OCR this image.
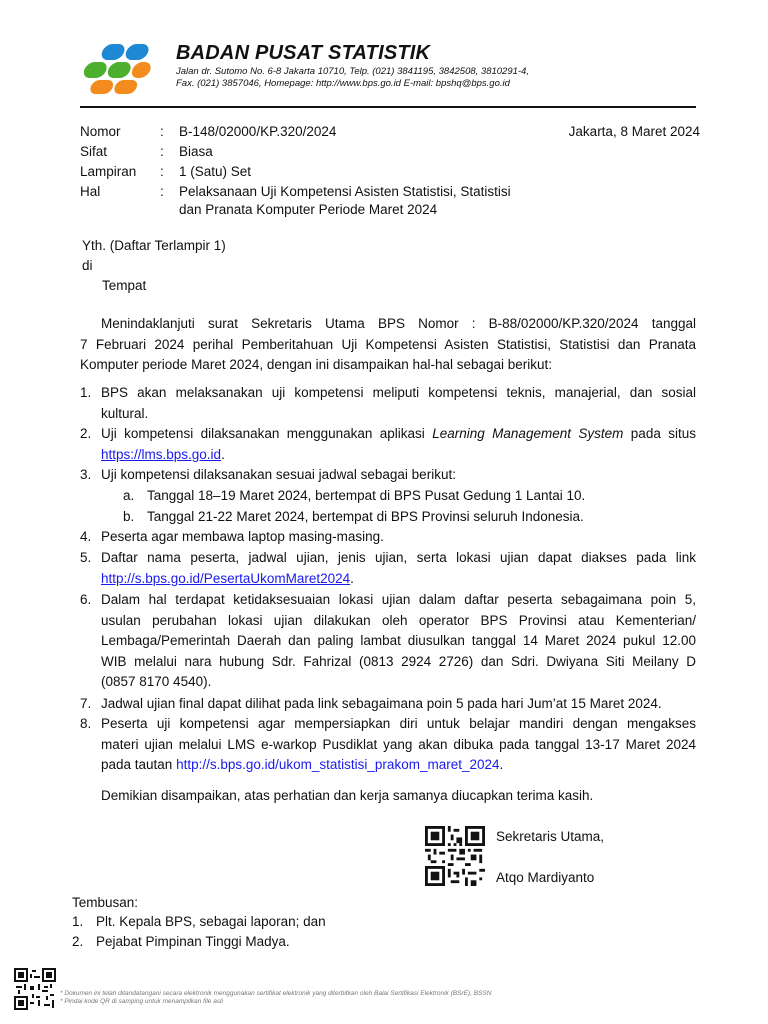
BADAN PUSAT STATISTIK
Jalan dr. Sutomo No. 6-8 Jakarta 10710, Telp. (021) 3841195, 3842508, 3810291-4,
Fax. (021) 3857046, Homepage: http://www.bps.go.id E-mail: bpshq@bps.go.id
Nomor	: B-148/02000/KP.320/2024	Jakarta, 8 Maret 2024
Sifat	: Biasa
Lampiran : 1 (Satu) Set
Hal	: Pelaksanaan Uji Kompetensi Asisten Statistisi, Statistisi
dan Pranata Komputer Periode Maret 2024
Yth. (Daftar Terlampir 1)
di
Tempat
Menindaklanjuti surat Sekretaris Utama BPS Nomor : B-88/02000/KP.320/2024 tanggal
7 Februari 2024 perihal Pemberitahuan Uji Kompetensi Asisten Statistisi, Statistisi dan Pranata
Komputer periode Maret 2024, dengan ini disampaikan hal-hal sebagai berikut:
1. BPS akan melaksanakan uji kompetensi meliputi kompetensi teknis, manajerial, dan sosial
kultural.
2. Uji kompetensi dilaksanakan menggunakan aplikasi Learning Management System pada situs
https://lms.bps.go.id.
3. Uji kompetensi dilaksanakan sesuai jadwal sebagai berikut:
a. Tanggal 18–19 Maret 2024, bertempat di BPS Pusat Gedung 1 Lantai 10.
b. Tanggal 21-22 Maret 2024, bertempat di BPS Provinsi seluruh Indonesia.
4. Peserta agar membawa laptop masing-masing.
5. Daftar nama peserta, jadwal ujian, jenis ujian, serta lokasi ujian dapat diakses pada link
http://s.bps.go.id/PesertaUkomMaret2024.
6. Dalam hal terdapat ketidaksesuaian lokasi ujian dalam daftar peserta sebagaimana poin 5,
usulan perubahan lokasi ujian dilakukan oleh operator BPS Provinsi atau Kementerian/
Lembaga/Pemerintah Daerah dan paling lambat diusulkan tanggal 14 Maret 2024 pukul 12.00
WIB melalui nara hubung Sdr. Fahrizal (0813 2924 2726) dan Sdri. Dwiyana Siti Meilany D
(0857 8170 4540).
7. Jadwal ujian final dapat dilihat pada link sebagaimana poin 5 pada hari Jum’at 15 Maret 2024.
8. Peserta uji kompetensi agar mempersiapkan diri untuk belajar mandiri dengan mengakses
materi ujian melalui LMS e-warkop Pusdiklat yang akan dibuka pada tanggal 13-17 Maret 2024
pada tautan http://s.bps.go.id/ukom_statistisi_prakom_maret_2024.
Demikian disampaikan, atas perhatian dan kerja samanya diucapkan terima kasih.
Sekretaris Utama,
Atqo Mardiyanto
Tembusan:
1. Plt. Kepala BPS, sebagai laporan; dan
2. Pejabat Pimpinan Tinggi Madya.
* Dokumen ini telah ditandatangani secara elektronik menggunakan sertifikat elektronik yang diterbitkan oleh Balai Sertifikasi Elektronik (BSrE), BSSN
* Pindai kode QR di samping untuk menampilkan file asli
